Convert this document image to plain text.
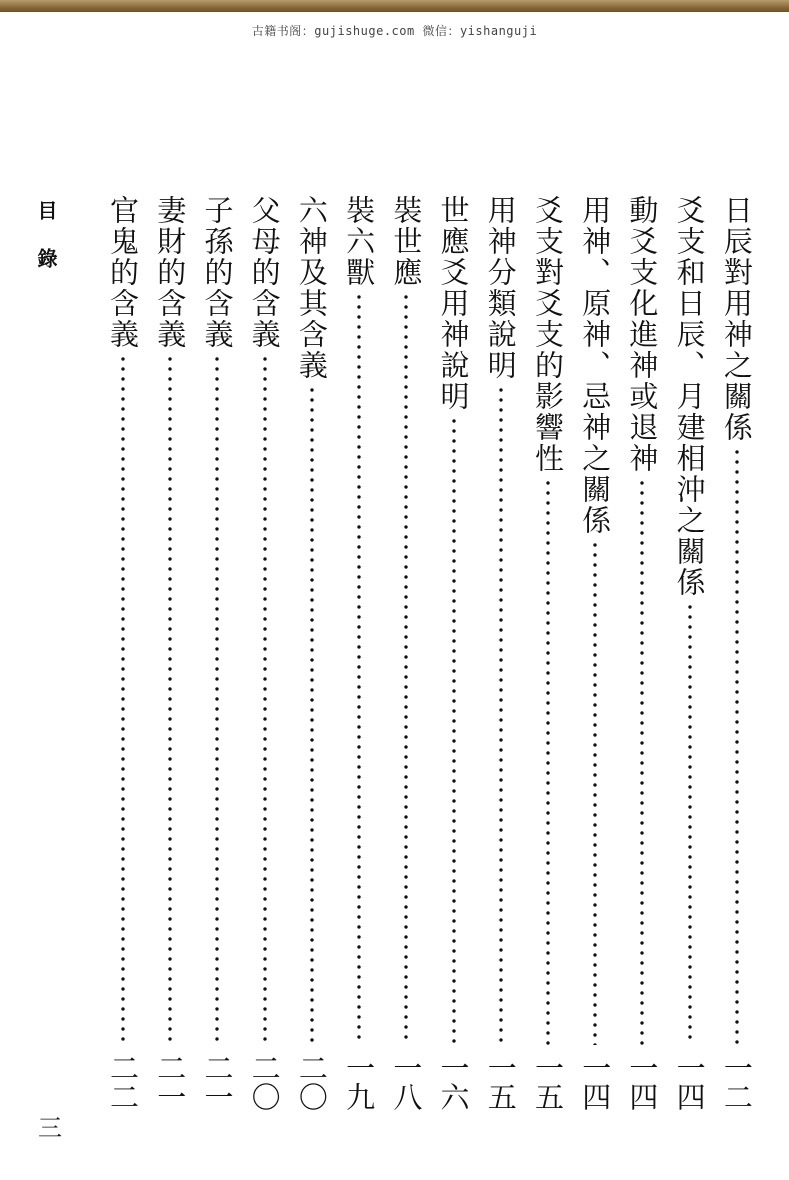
古籍书阁：gujishuge.com 微信：yishanguji
目錄	日辰對用神之關係
一二
爻支和日辰、月建相沖之關係
一四
動爻支化進神或退神
一四
用神、原神、忌神之關係
一四
爻支對爻支的影響性
一五
用神分類說明
一五
世應爻用神說明
一六
裝世應
一八
裝六獸
一九
六神及其含義
二〇
父母的含義
二〇
子孫的含義
二一
妻財的含義
二一
官鬼的含義
二二
三
